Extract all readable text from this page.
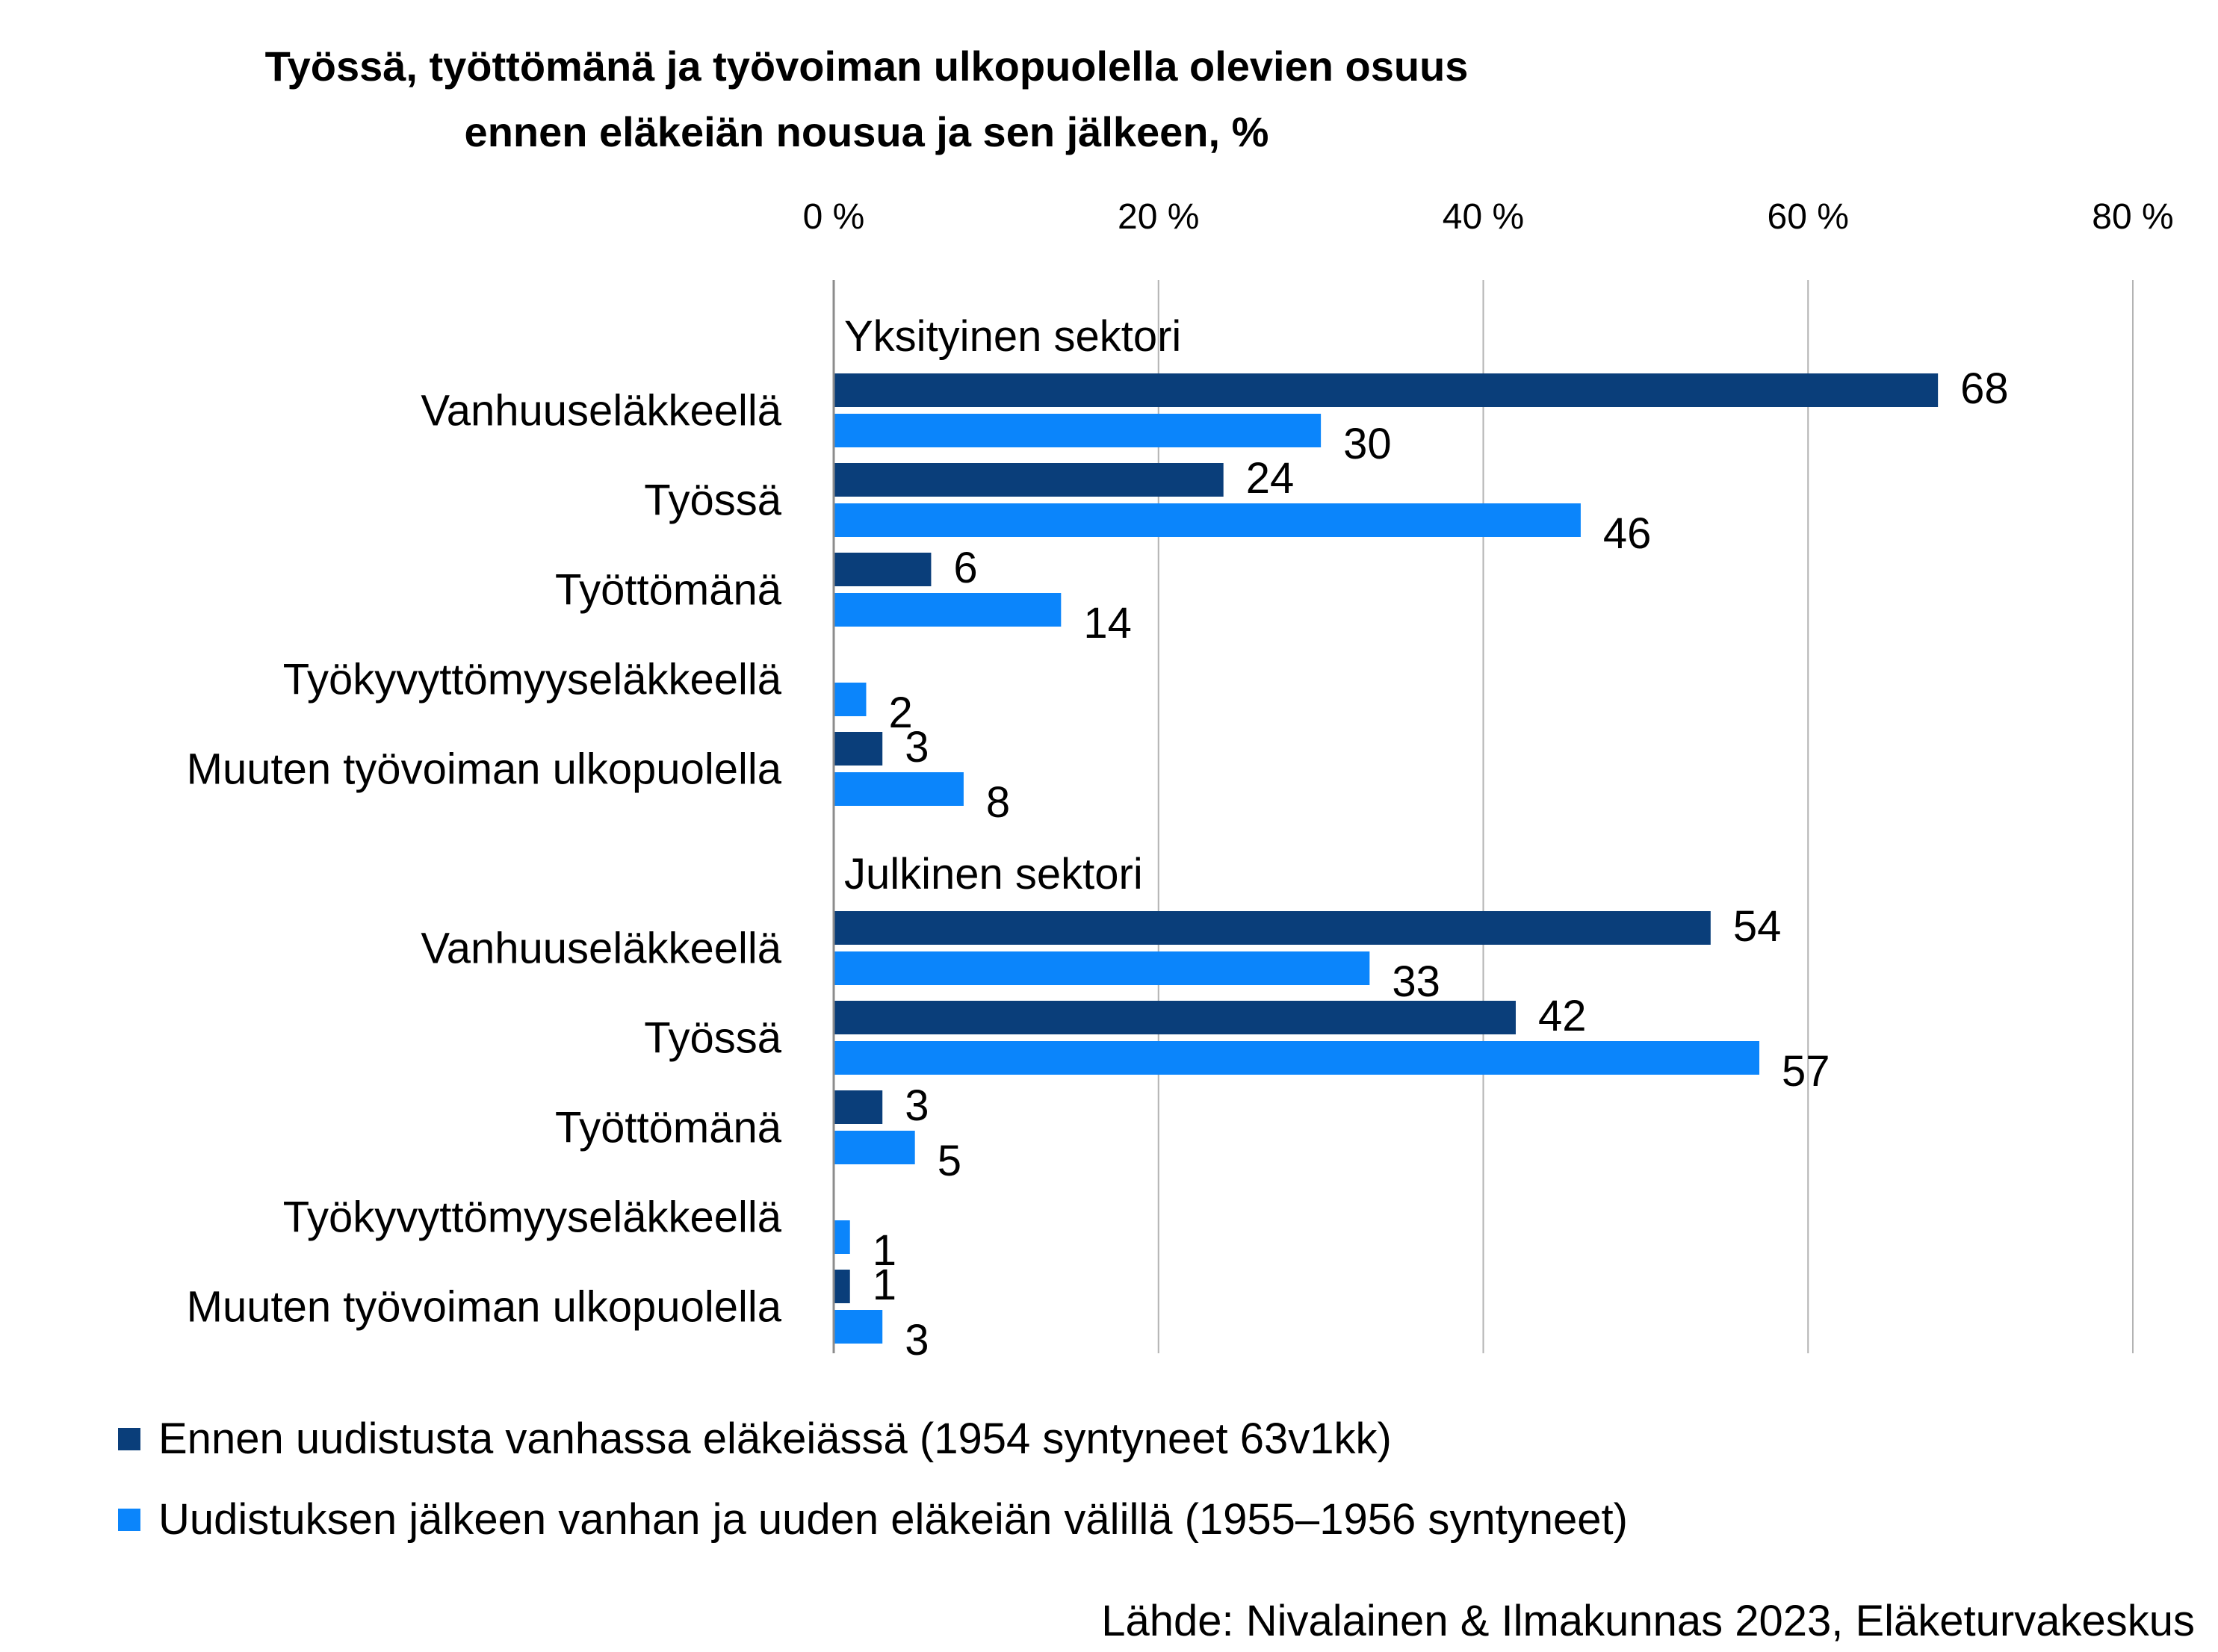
Työssä, työttömänä ja työvoiman ulkopuolella olevien osuus
ennen eläkeiän nousua ja sen jälkeen, %
0 %	20 %	40 %	60 %	80 %
Yksityinen sektori
Julkinen sektori
Vanhuuseläkkeellä
Työssä
Työttömänä
Työkyvyttömyyseläkkeellä
Muuten työvoiman ulkopuolella
Vanhuuseläkkeellä
Työssä
Työttömänä
Työkyvyttömyyseläkkeellä
Muuten työvoiman ulkopuolella
68
30
24
46
6
14
2
3
8
54
33
42
57
3
5
1
1
3
Ennen uudistusta vanhassa eläkeiässä (1954 syntyneet 63v1kk)
Uudistuksen jälkeen vanhan ja uuden eläkeiän välillä (1955–1956 syntyneet)
Lähde: Nivalainen & Ilmakunnas 2023, Eläketurvakeskus
